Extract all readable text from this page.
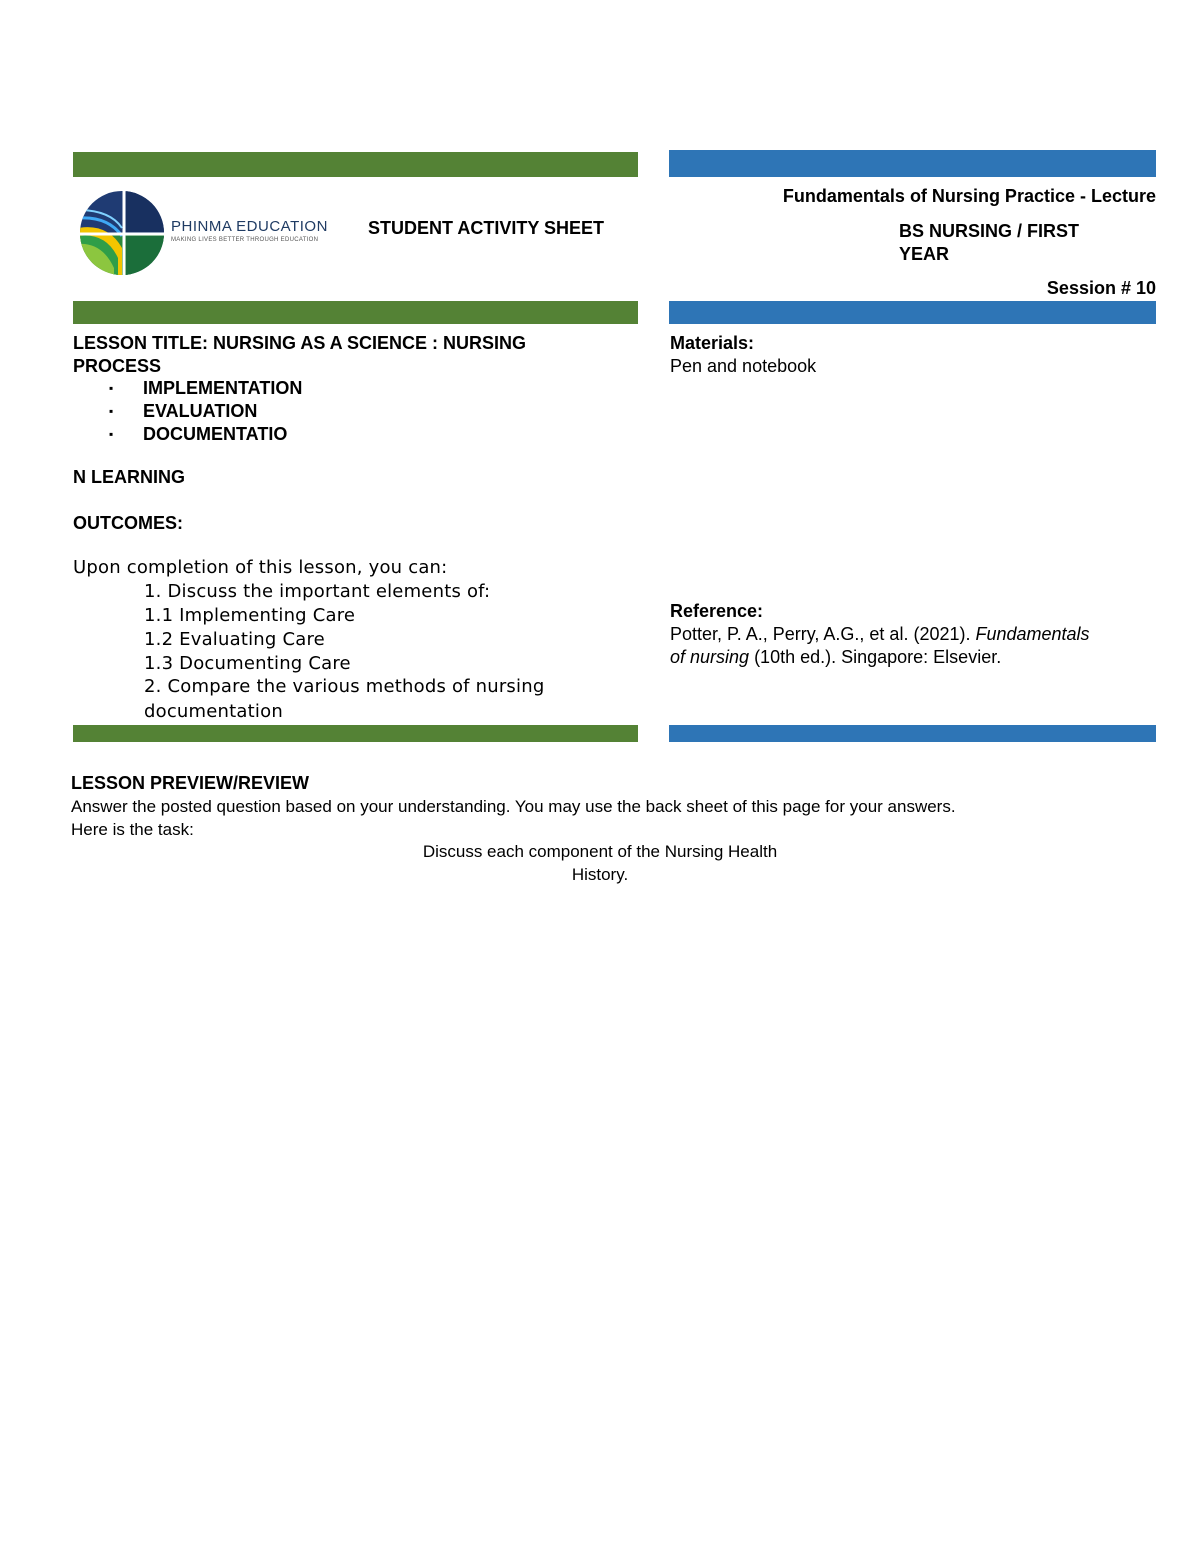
PHINMA EDUCATION
MAKING LIVES BETTER THROUGH EDUCATION
STUDENT ACTIVITY SHEET
Fundamentals of Nursing Practice - Lecture
BS NURSING / FIRST
YEAR
Session # 10
LESSON TITLE: NURSING AS A SCIENCE : NURSING
PROCESS
▪ IMPLEMENTATION
▪ EVALUATION
▪ DOCUMENTATIO
N LEARNING
OUTCOMES:
Upon completion of this lesson, you can:
1. Discuss the important elements of:
1.1 Implementing Care
1.2 Evaluating Care
1.3 Documenting Care
2. Compare the various methods of nursing
documentation
Materials:
Pen and notebook
Reference:
Potter, P. A., Perry, A.G., et al. (2021). Fundamentals
of nursing (10th ed.). Singapore: Elsevier.
LESSON PREVIEW/REVIEW
Answer the posted question based on your understanding. You may use the back sheet of this page for your answers.
Here is the task:
Discuss each component of the Nursing Health
History.
